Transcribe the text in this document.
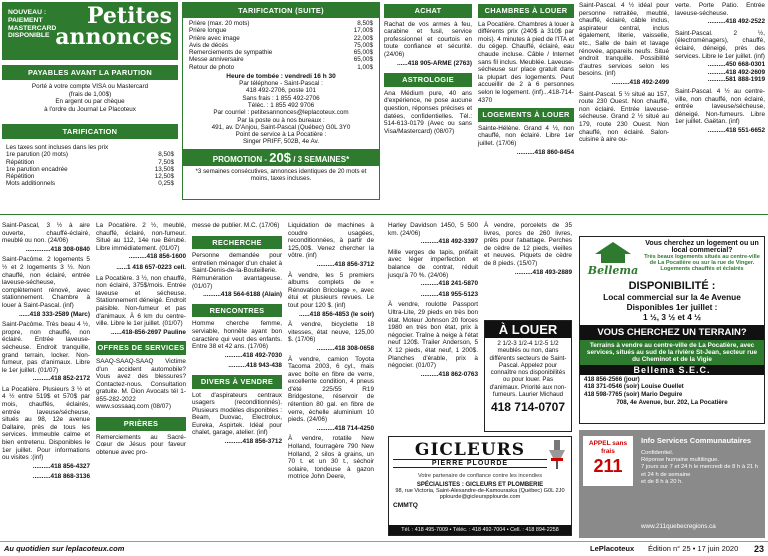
NOUVEAU :
PAIEMENT
MASTERCARD
DISPONIBLE
Petites
annonces
PAYABLES AVANT LA PARUTION
Porté à votre compte VISA ou Mastercard
(frais de 1,00$)
En argent ou par chèque
à l'ordre du Journal Le Placoteux
TARIFICATION
Les taxes sont incluses dans les prix
1re parution (20 mots)	8,50$
Répétition	7,50$
1re parution encadrée	13,50$
Répétition	12,50$
Mots additionnels	0,25$
TARIFICATION (SUITE)
Prière (max. 20 mots)	8,50$
Prière longue	17,00$
Prière avec image	22,00$
Avis de décès	75,00$
Remerciements de sympathie	65,00$
Messe anniversaire	65,00$
Retour de photo	1,00$
Heure de tombée : vendredi 16 h 30
Par téléphone - Saint-Pascal :
418 492-2706, poste 101
Sans frais : 1 855 492-2706
Téléc. : 1 855 492 9706
Par courriel : petitesannonces@leplacoteux.com
Par la poste ou à nos bureaux :
491, av. D'Anjou, Saint-Pascal (Québec) G0L 3Y0
Point de service à La Pocatière :
Singer PRIFF, 502B, 4e Av.
PROMOTION - 20$ / 3 SEMAINES*
*3 semaines consécutives, annonces identiques de 20 mots et moins, taxes incluses.
ACHAT

Rachat de vos armes à feu, carabine et fusil, service professionnel et courtois en toute confiance et sécurité. (24/06)

......418 905-ARME (2763)
ASTROLOGIE

Ana Médium pure, 40 ans d'expérience, ne pose aucune question, réponses précises et datées, confidentielles. Tél.: 514-613-0179 (Avec ou sans Visa/Mastercard) (08/07)

CHAMBRES À LOUER

La Pocatière. Chambres à louer à différents prix (240$ à 310$ par mois). 4 minutes à pied de l'ITA et du cégep. Chauffé, éclairé, eau chaude incluse. Câble / Internet sans fil inclus. Meublée. Laveuse-sécheuse sur place gratuit dans la plupart des logements. Peut accueillir de 2 à 6 personnes selon le logement. (inf)...418-714-4370

LOGEMENTS À LOUER

Sainte-Hélène. Grand 4 ½, non chauffé, non éclairé. Libre 1er juillet. (17/06)

..........418 860-8454

Saint-Pascal. 4 ½ idéal pour personne retraitée, meublé, chauffé, éclairé, câble inclus, aspirateur central, inclus également, literie, vaisselle, etc., Salle de bain et lavage rénovée, appareils neufs. Situé endroit tranquille. Possibilité d'autres services selon les besoins. (inf)

..........418 492-2499

Saint-Pascal. 5 ½ situé au 157, route 230 Ouest. Non chauffé, non éclairé. Entrée laveuse-sécheuse. Grand 2 ½ situé au 179, route 230 Ouest. Non chauffé, non éclairé. Salon-cuisine à aire ou-

verte. Porte Patio. Entrée laveuse-sécheuse.

..........418 492-2522

Saint-Pascal. 2 ½, (électroménagers), chauffé, éclairé, déneigé, près des services. Libre le 1er juillet. (inf)

..........450 668-0301
..........418 492-2609
..........581 888-1919

Saint-Pascal. 4 ½ au centre-ville, non chauffé, non éclairé, entrée laveuse/sécheuse, déneigé. Non-fumeurs. Libre 1er juillet. Gaëtan. (inf)

..........418 551-6652

Saint-Pascal, 3 ½ à aire ouverte, chauffé-éclairé, meublé ou non. (24/06)

..............418 308-0840

Saint-Pacôme. 2 logements 5 ½ et 2 logements 3 ½. Non chauffé, non éclairé, entrée laveuse-sécheuse, complètement rénové, avec stationnement. Chambre à louer à Saint-Pascal. (inf)

......418 333-2589 (Marc)

Saint-Pacôme. Très beau 4 ½, propre, non chauffé, non éclairé. Entrée laveuse-sécheuse. Endroit tranquille, grand terrain, locker. Non-fumeur, pas d'animaux. Libre le 1er juillet. (01/07)

..........418 852-2172

La Pocatière. Plusieurs 3 ½ et 4 ½ entre 519$ et 570$ par mois, chauffés, éclairés, entrée laveuse/sécheuse, situés au 98, 12e avenue Dallaire, près de tous les services. Immeuble calme et bien entretenu. Disponibles le 1er juillet. Pour informations ou visites :(inf)

..........418 856-4327
..........418 868-3136

La Pocatière. 2 ½, meublé, chauffé, éclairé, non-fumeur. Situé au 112, 14e rue Bérubé. Libre immédiatement. (01/07)

..........418 856-1600
......1 418 657-0223 cell.

La Pocatière. 3 ½, non chauffé, non éclairé, 375$/mois. Entrée laveuse et sécheuse. Stationnement déneigé. Endroit paisible. Non-fumeur et pas d'animaux. À 6 km du centre-ville. Libre le 1er juillet. (01/07)

......418-856-2697 Pauline
OFFRES DE SERVICES

SAAQ-SAAQ-SAAQ Victime d'un accident automobile? Vous avez des blessures? Contactez-nous. Consultation gratuite. M. Dion Avocats tél 1-855-282-2022 www.sossaaq.com (08/07)

PRIÈRES

Remerciements au Sacré-Cœur de Jésus pour faveur obtenue avec pro-

messe de publier. M.C. (17/06)

RECHERCHE

Personne demandée pour entretien ménager d'un chalet à Saint-Denis-de-la-Bouteillerie. Rémunération avantageuse. (01/07)

..........418 564-6188 (Alain)
RENCONTRES

Homme cherche femme, serviable, honnête ayant bon caractère qui veut des enfants. Entre 38 et 42 ans. (17/06)

..........418 492-7030
..........418 943-438
DIVERS À VENDRE

Lot d'aspirateurs centraux usagers (reconditionnés). Plusieurs modèles disponibles : Beam, Duovac, Electrolux, Eureka, Aspirtek. Idéal pour chalet, garage, atelier. (inf)

..........418 856-3712

Liquidation de machines à coudre usagées, reconditionnées, à partir de 125,00$. Venez chercher la vôtre. (inf)

..........418 856-3712

À vendre, les 5 premiers albums complets de « Rénovation Bricolage », avec étui et plusieurs revues. Le tout pour 120 $. (inf)

......418 856-4853 (le soir)

À vendre, bicyclette 18 vitesses, état neuve, 125,00 $. (17/06)

..........418 308-0658

À vendre, camion Toyota Tacoma 2003, 6 cyl., mais avec boîte en fibre de verre, excellente condition, 4 pneus d'été 225/55 R19 Bridgestone, réservoir de rétention 80 gal. en fibre de verre, échelle aluminium 10 pieds. (24/06)

..........418 714-4250

À vendre, rotatile New Holland, fourragère 790 New Holland, 2 silos à grains, un 70 t. et un 30 t., séchoir solaire, tondeuse à gazon motrice John Deere,

Harley Davidson 1450, 5 500 km. (24/06)

..........418 492-3397

Mille verges de tapis, préfaiit avec léger imperfection et balance de contrat, réduit jusqu'à 70 %. (24/06)

..........418 241-5870
..........418 955-5123

À vendre, roulotte Passport Ultra-Lite, 29 pieds en très bon état. Moteur Johnson 20 forces 1980 en très bon état, prix à négocier. Traîne à neige à l'état neuf 120$. Trailer Anderson, 5 X 12 pieds, état neuf, 1 200$. Planches d'érable, prix à négocier. (01/07)

..........418 862-0763

À vendre, porcelets de 35 livres, porcs de 260 livres, prêts pour l'abattage. Perches de cèdre de 12 pieds, vieilles et neuves. Piquets de cèdre de 8 pieds. (15/07)

..........418 493-2889
À LOUER
2 1/2-3 1/2-4 1/2-5 1/2 meublés ou non, dans différents secteurs de Saint-Pascal. Appelez pour connaître nos disponibilités ou pour louer. Pas d'animaux. Priorité aux non-fumeurs. Laurier Michaud
418 714-0707
GICLEURS
PIERRE PLOURDE
Votre partenaire de confiance contre les incendies
SPÉCIALISTES : GICLEURS ET PLOMBERIE
98, rue Victoria, Saint-Alexandre-de-Kamouraska (Québec) G0L 2J0
pplourde@gicleurspplourde.com
CMMTQ
Tél. : 418 495-7009 • Téléc. : 418 492-7004 • Cell. : 418 894-2258
Bellema
Vous cherchez un logement ou un local commercial?
Très beaux logements situés au centre-ville de La Pocatière ou sur la rue de Vinger. Logements chauffés et éclairés
DISPONIBILITÉ :
Local commercial sur la 4e Avenue
Disponibles 1er juillet :
1 ½, 3 ½ et 4 ½
VOUS CHERCHEZ UN TERRAIN?
Terrains à vendre au centre-ville de La Pocatière, avec services, situés au sud de la rivière St-Jean, secteur rue du Cheminot et de la Vigie
Bellema S.E.C.
418 856-2566 (jour)
418 371-0546 (soir) Louise Ouellet
418 598-7765 (soir) Mario Deguire
708, 4e Avenue, bur. 202, La Pocatière
APPEL sans frais
211
Info Services Communautaires
Confidentiel.
Réponse humaine multilingue.
7 jours sur 7 et 24 h le mercredi de 8 h à 21 h et 24 h de semaine
et de 8 h à 20 h.
www.211quebecregions.ca
Au quotidien sur leplacoteux.com	LePlacoteux Édition n° 25 • 17 juin 2020 23
